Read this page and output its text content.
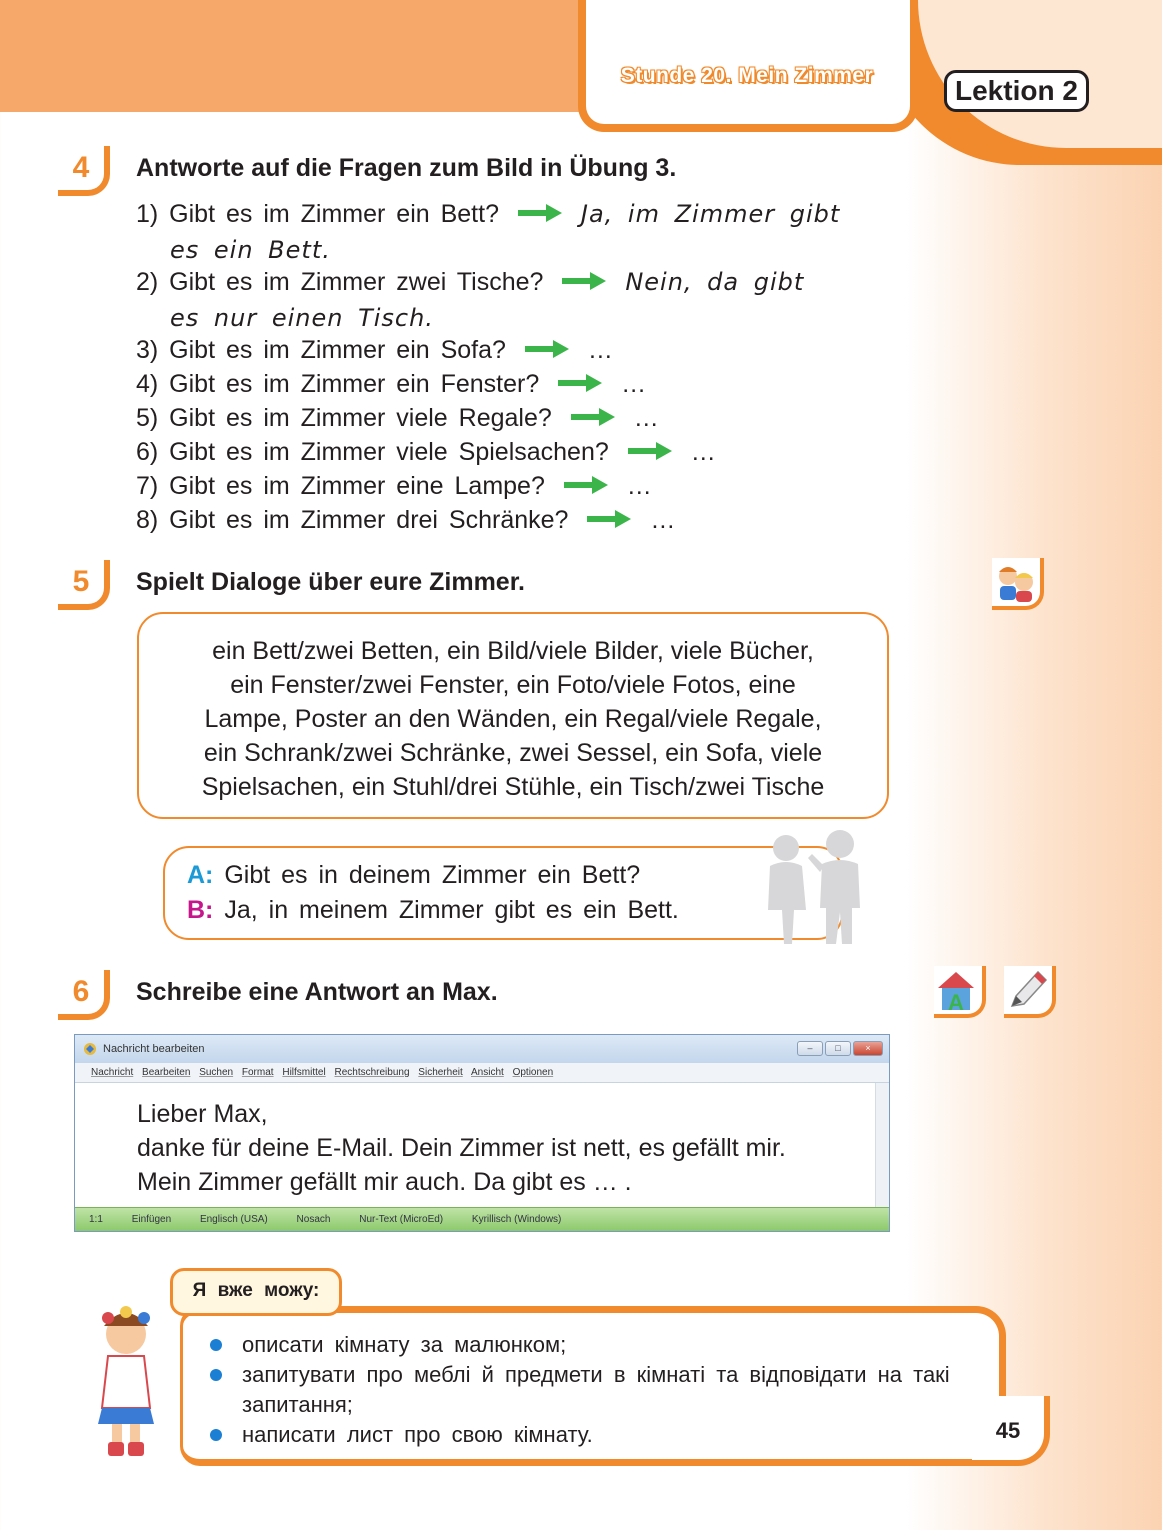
Stunde 20. Mein Zimmer	Lektion 2
4	Antworte auf die Fragen zum Bild in Übung 3.
1) Gibt es im Zimmer ein Bett?	Ja, im Zimmer gibt
es ein Bett.
2) Gibt es im Zimmer zwei Tische?	Nein, da gibt
es nur einen Tisch.
3) Gibt es im Zimmer ein Sofa?	…
4) Gibt es im Zimmer ein Fenster?	…
5) Gibt es im Zimmer viele Regale?	…
6) Gibt es im Zimmer viele Spielsachen?	…
7) Gibt es im Zimmer eine Lampe?	…
8) Gibt es im Zimmer drei Schränke?	…
5	Spielt Dialoge über eure Zimmer.
ein Bett/zwei Betten, ein Bild/viele Bilder, viele Bücher,
ein Fenster/zwei Fenster, ein Foto/viele Fotos, eine
Lampe, Poster an den Wänden, ein Regal/viele Regale,
ein Schrank/zwei Schränke, zwei Sessel, ein Sofa, viele
Spielsachen, ein Stuhl/drei Stühle, ein Tisch/zwei Tische
A: Gibt es in deinem Zimmer ein Bett?
B: Ja, in meinem Zimmer gibt es ein Bett.
6	Schreibe eine Antwort an Max.	A
Nachricht bearbeiten	–	□	×
Nachricht Bearbeiten Suchen Format Hilfsmittel Rechtschreibung Sicherheit Ansicht Optionen
Lieber Max,
danke für deine E-Mail. Dein Zimmer ist nett, es gefällt mir.
Mein Zimmer gefällt mir auch. Da gibt es … .
1:1	Einfügen	Englisch (USA)	Nosach	Nur-Text (MicroEd)	Kyrillisch (Windows)
Я вже можу:
описати кімнату за малюнком;
запитувати про меблі й предмети в кімнаті та відповідати на такі запитання;
написати лист про свою кімнату.	45
